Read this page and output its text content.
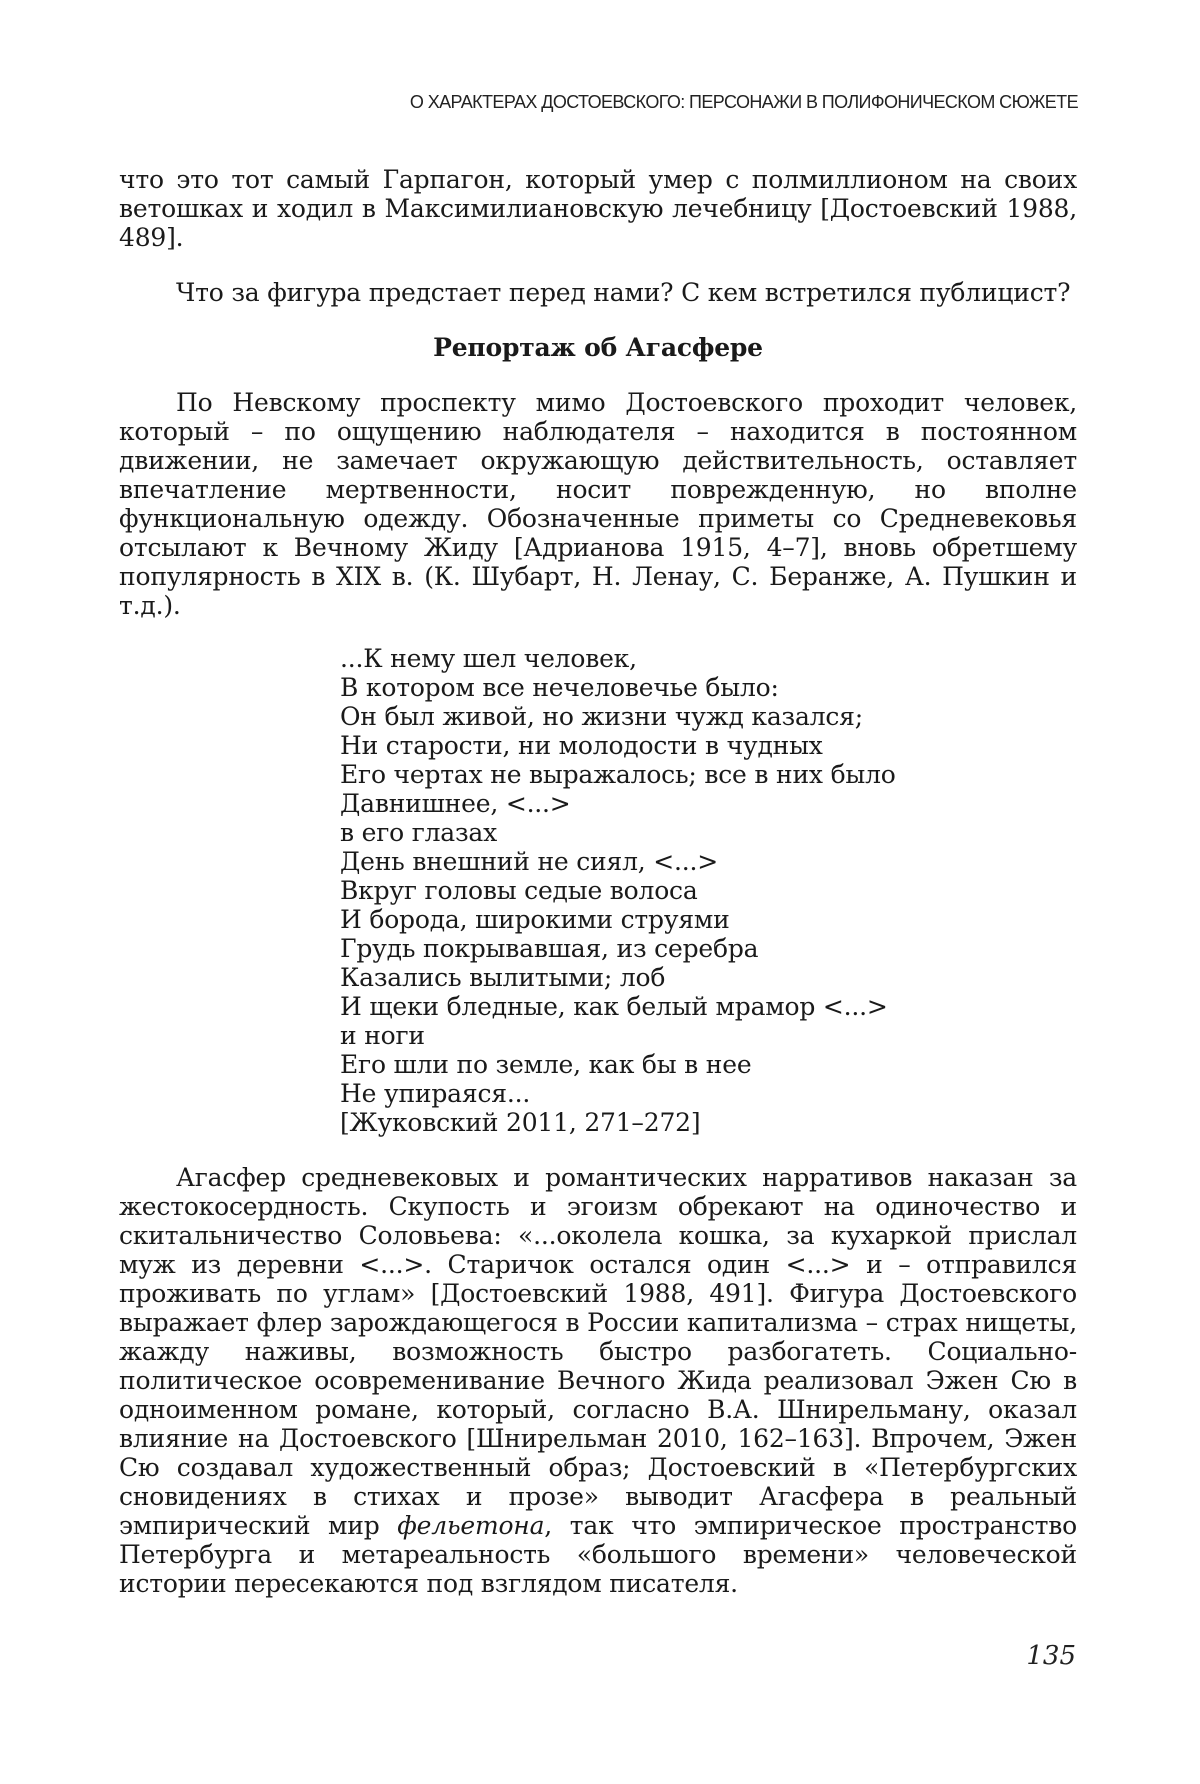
О ХАРАКТЕРАХ ДОСТОЕВСКОГО: ПЕРСОНАЖИ В ПОЛИФОНИЧЕСКОМ СЮЖЕТЕ

что это тот самый Гарпагон, который умер с полмиллионом на своих ветошках и ходил в Максимилиановскую лечебницу [Достоевский 1988, 489].

Что за фигура предстает перед нами? С кем встретился публицист?

Репортаж об Агасфере

По Невскому проспекту мимо Достоевского проходит человек, который – по ощущению наблюдателя – находится в постоянном движении, не замечает окружающую действительность, оставляет впечатление мертвенности, носит поврежденную, но вполне функциональную одежду. Обозначенные приметы со Средневековья отсылают к Вечному Жиду [Адрианова 1915, 4–7], вновь обретшему популярность в XIX в. (К. Шубарт, Н. Ленау, С. Беранже, А. Пушкин и т.д.).

...К нему шел человек,
В котором все нечеловечье было:
Он был живой, но жизни чужд казался;
Ни старости, ни молодости в чудных
Его чертах не выражалось; все в них было
Давнишнее, <...>
в его глазах
День внешний не сиял, <...>
Вкруг головы седые волоса
И борода, широкими струями
Грудь покрывавшая, из серебра
Казались вылитыми; лоб
И щеки бледные, как белый мрамор <...>
и ноги
Его шли по земле, как бы в нее
Не упираяся...
[Жуковский 2011, 271–272]

Агасфер средневековых и романтических нарративов наказан за жестокосердность. Скупость и эгоизм обрекают на одиночество и скитальничество Соловьева: «...околела кошка, за кухаркой прислал муж из деревни <...>. Старичок остался один <...> и – отправился проживать по углам» [Достоевский 1988, 491]. Фигура Достоевского выражает флер зарождающегося в России капитализма – страх нищеты, жажду наживы, возможность быстро разбогатеть. Социально-политическое осовременивание Вечного Жида реализовал Эжен Сю в одноименном романе, который, согласно В.А. Шнирельману, оказал влияние на Достоевского [Шнирельман 2010, 162–163]. Впрочем, Эжен Сю создавал художественный образ; Достоевский в «Петербургских сновидениях в стихах и прозе» выводит Агасфера в реальный эмпирический мир фельетона, так что эмпирическое пространство Петербурга и метареальность «большого времени» человеческой истории пересекаются под взглядом писателя.

135
